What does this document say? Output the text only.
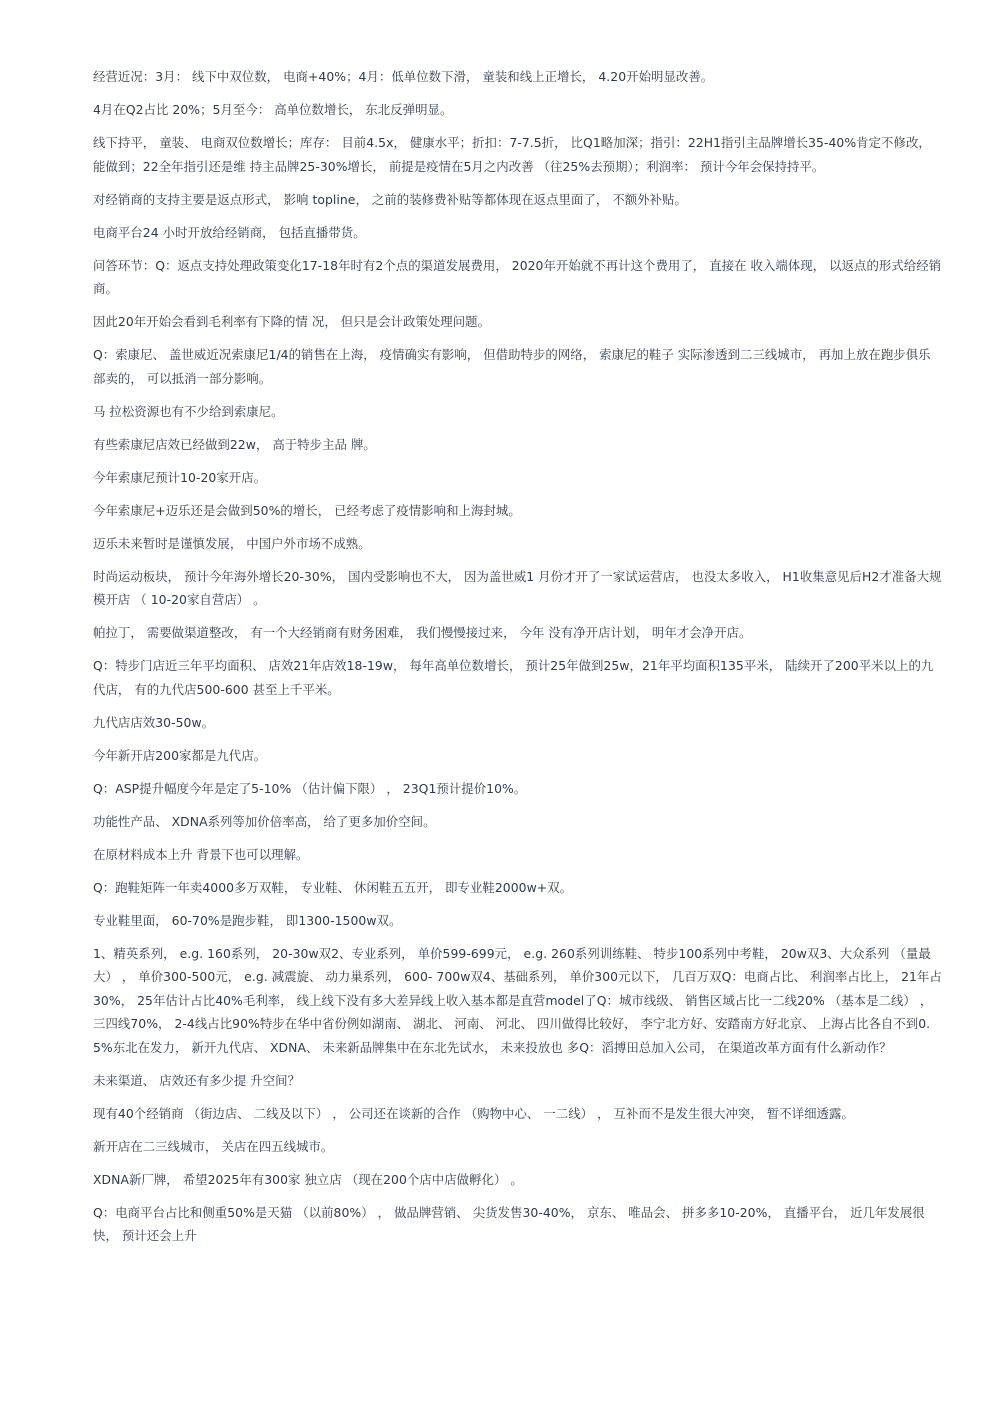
经营近况：3月： 线下中双位数， 电商+40%；4月：低单位数下滑， 童装和线上正增长， 4.20开始明显改善。

4月在Q2占比 20%；5月至今： 高单位数增长， 东北反弹明显。

线下持平， 童装、 电商双位数增长；库存： 目前4.5x， 健康水平；折扣：7-7.5折， 比Q1略加深；指引：22H1指引主品牌增长35-40%肯定不修改， 能做到；22全年指引还是维 持主品牌25-30%增长， 前提是疫情在5月之内改善 （往25%去预期）；利润率： 预计今年会保持持平。

对经销商的支持主要是返点形式， 影响 topline， 之前的装修费补贴等都体现在返点里面了， 不额外补贴。

电商平台24 小时开放给经销商， 包括直播带货。

问答环节：Q：返点支持处理政策变化17-18年时有2个点的渠道发展费用， 2020年开始就不再计这个费用了， 直接在 收入端体现， 以返点的形式给经销商。

因此20年开始会看到毛利率有下降的情 况， 但只是会计政策处理问题。

Q：索康尼、 盖世威近况索康尼1/4的销售在上海， 疫情确实有影响， 但借助特步的网络， 索康尼的鞋子 实际渗透到二三线城市， 再加上放在跑步俱乐部卖的， 可以抵消一部分影响。

马 拉松资源也有不少给到索康尼。

有些索康尼店效已经做到22w， 高于特步主品 牌。

今年索康尼预计10-20家开店。

今年索康尼+迈乐还是会做到50%的增长， 已经考虑了疫情影响和上海封城。

迈乐未来暂时是谨慎发展， 中国户外市场不成熟。

时尚运动板块， 预计今年海外增长20-30%， 国内受影响也不大， 因为盖世威1 月份才开了一家试运营店， 也没太多收入， H1收集意见后H2才准备大规模开店 （ 10-20家自营店） 。

帕拉丁， 需要做渠道整改， 有一个大经销商有财务困难， 我们慢慢接过来， 今年 没有净开店计划， 明年才会净开店。

Q：特步门店近三年平均面积、 店效21年店效18-19w， 每年高单位数增长， 预计25年做到25w，21年平均面积135平米， 陆续开了200平米以上的九代店， 有的九代店500-600 甚至上千平米。

九代店店效30-50w。

今年新开店200家都是九代店。

Q：ASP提升幅度今年是定了5-10% （估计偏下限） ， 23Q1预计提价10%。

功能性产品、 XDNA系列等加价倍率高， 给了更多加价空间。

在原材料成本上升 背景下也可以理解。

Q：跑鞋矩阵一年卖4000多万双鞋， 专业鞋、 休闲鞋五五开， 即专业鞋2000w+双。

专业鞋里面， 60-70%是跑步鞋， 即1300-1500w双。

1、精英系列， e.g. 160系列， 20-30w双2、专业系列， 单价599-699元， e.g. 260系列训练鞋、 特步100系列中考鞋， 20w双3、大众系列 （量最大） ， 单价300-500元， e.g. 减震旋、 动力巢系列， 600- 700w双4、基础系列， 单价300元以下， 几百万双Q：电商占比、 利润率占比上， 21年占30%， 25年估计占比40%毛利率， 线上线下没有多大差异线上收入基本都是直营model了Q：城市线级、 销售区域占比一二线20% （基本是二线） ， 三四线70%， 2-4线占比90%特步在华中省份例如湖南、 湖北、 河南、 河北、 四川做得比较好， 李宁北方好、安踏南方好北京、 上海占比各自不到0.5%东北在发力， 新开九代店、 XDNA、 未来新品牌集中在东北先试水， 未来投放也 多Q：滔搏田总加入公司， 在渠道改革方面有什么新动作？

未来渠道、 店效还有多少提 升空间？

现有40个经销商 （街边店、 二线及以下） ， 公司还在谈新的合作 （购物中心、 一二线） ， 互补而不是发生很大冲突， 暂不详细透露。

新开店在二三线城市， 关店在四五线城市。

XDNA新厂牌， 希望2025年有300家 独立店 （现在200个店中店做孵化） 。

Q：电商平台占比和侧重50%是天猫 （以前80%） ， 做品牌营销、 尖货发售30-40%， 京东、 唯品会、 拼多多10-20%， 直播平台， 近几年发展很快， 预计还会上升
